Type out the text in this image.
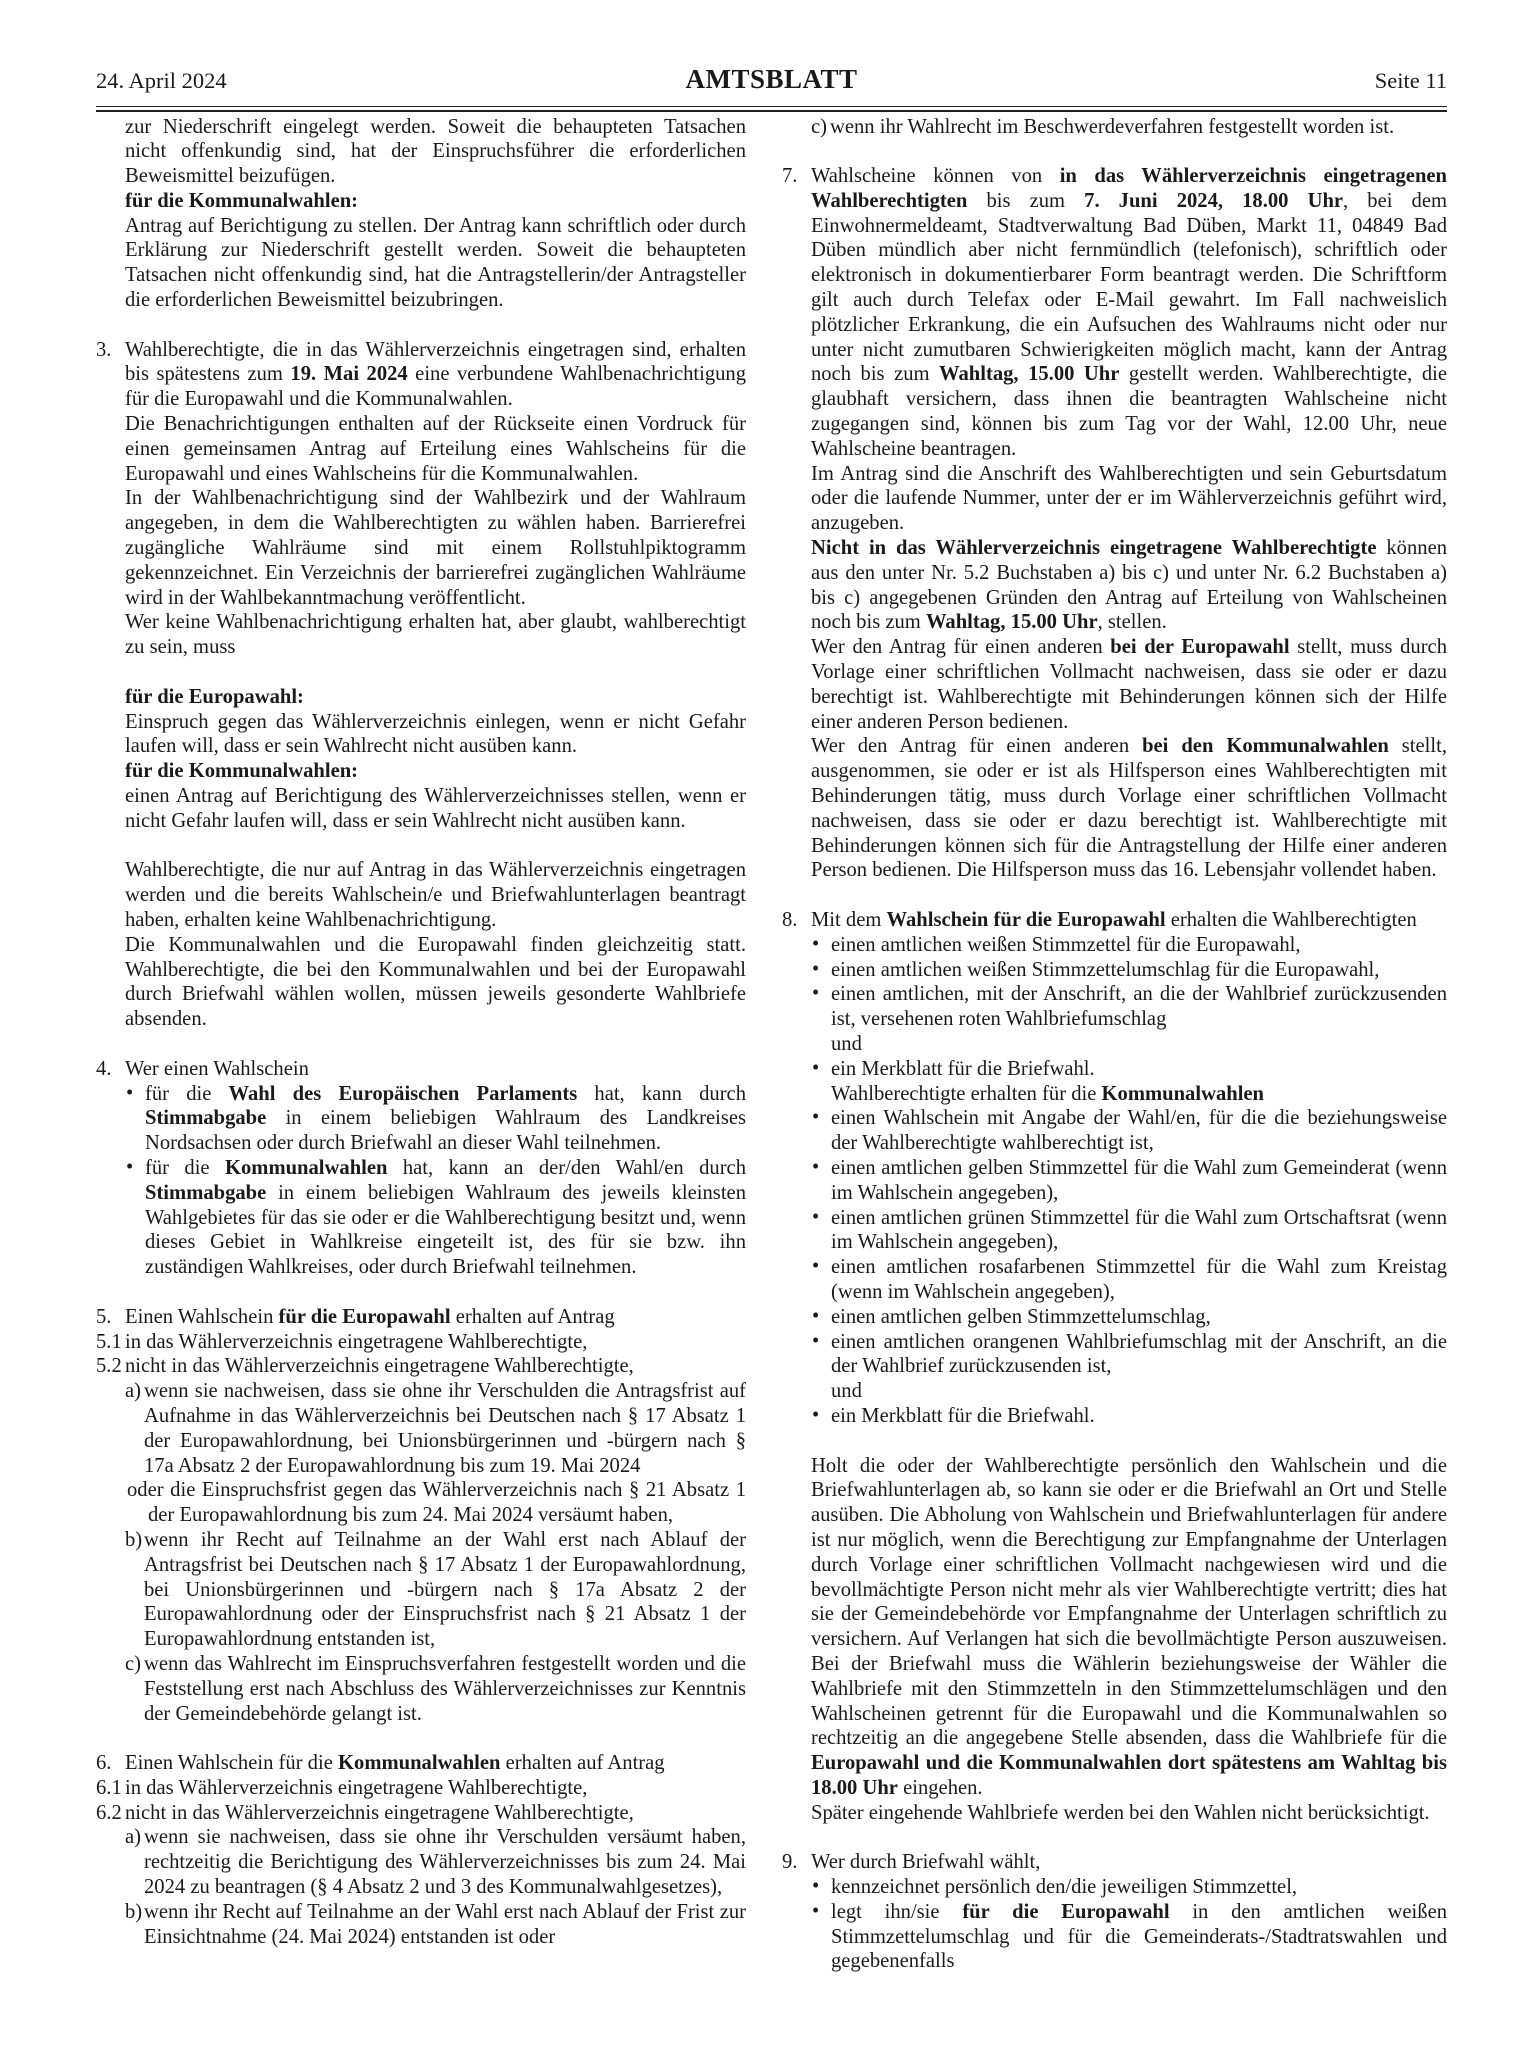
24. April 2024	AMTSBLATT	Seite 11
zur Niederschrift eingelegt werden. Soweit die behaupteten Tatsachen nicht offenkundig sind, hat der Einspruchsführer die erforderlichen Beweismittel beizufügen.
für die Kommunalwahlen:
Antrag auf Berichtigung zu stellen. Der Antrag kann schriftlich oder durch Erklärung zur Niederschrift gestellt werden. Soweit die behaupteten Tatsachen nicht offenkundig sind, hat die Antragstellerin/der Antragsteller die erforderlichen Beweismittel beizubringen.
3. Wahlberechtigte, die in das Wählerverzeichnis eingetragen sind, erhalten bis spätestens zum 19. Mai 2024 eine verbundene Wahlbenachrichtigung für die Europawahl und die Kommunalwahlen.
Die Benachrichtigungen enthalten auf der Rückseite einen Vordruck für einen gemeinsamen Antrag auf Erteilung eines Wahlscheins für die Europawahl und eines Wahlscheins für die Kommunalwahlen.
In der Wahlbenachrichtigung sind der Wahlbezirk und der Wahlraum angegeben, in dem die Wahlberechtigten zu wählen haben. Barrierefrei zugängliche Wahlräume sind mit einem Rollstuhlpiktogramm gekennzeichnet. Ein Verzeichnis der barrierefrei zugänglichen Wahlräume wird in der Wahlbekanntmachung veröffentlicht.
Wer keine Wahlbenachrichtigung erhalten hat, aber glaubt, wahlberechtigt zu sein, muss
für die Europawahl:
Einspruch gegen das Wählerverzeichnis einlegen, wenn er nicht Gefahr laufen will, dass er sein Wahlrecht nicht ausüben kann.
für die Kommunalwahlen:
einen Antrag auf Berichtigung des Wählerverzeichnisses stellen, wenn er nicht Gefahr laufen will, dass er sein Wahlrecht nicht ausüben kann.
Wahlberechtigte, die nur auf Antrag in das Wählerverzeichnis eingetragen werden und die bereits Wahlschein/e und Briefwahlunterlagen beantragt haben, erhalten keine Wahlbenachrichtigung.
Die Kommunalwahlen und die Europawahl finden gleichzeitig statt. Wahlberechtigte, die bei den Kommunalwahlen und bei der Europawahl durch Briefwahl wählen wollen, müssen jeweils gesonderte Wahlbriefe absenden.
4. Wer einen Wahlschein
• für die Wahl des Europäischen Parlaments hat, kann durch Stimmabgabe in einem beliebigen Wahlraum des Landkreises Nordsachsen oder durch Briefwahl an dieser Wahl teilnehmen.
• für die Kommunalwahlen hat, kann an der/den Wahl/en durch Stimmabgabe in einem beliebigen Wahlraum des jeweils kleinsten Wahlgebietes für das sie oder er die Wahlberechtigung besitzt und, wenn dieses Gebiet in Wahlkreise eingeteilt ist, des für sie bzw. ihn zuständigen Wahlkreises, oder durch Briefwahl teilnehmen.
5. Einen Wahlschein für die Europawahl erhalten auf Antrag
5.1 in das Wählerverzeichnis eingetragene Wahlberechtigte,
5.2 nicht in das Wählerverzeichnis eingetragene Wahlberechtigte,
a) wenn sie nachweisen, dass sie ohne ihr Verschulden die Antragsfrist auf Aufnahme in das Wählerverzeichnis bei Deutschen nach § 17 Absatz 1 der Europawahlordnung, bei Unionsbürgerinnen und -bürgern nach § 17a Absatz 2 der Europawahlordnung bis zum 19. Mai 2024
oder die Einspruchsfrist gegen das Wählerverzeichnis nach § 21 Absatz 1 der Europawahlordnung bis zum 24. Mai 2024 versäumt haben,
b) wenn ihr Recht auf Teilnahme an der Wahl erst nach Ablauf der Antragsfrist bei Deutschen nach § 17 Absatz 1 der Europawahlordnung, bei Unionsbürgerinnen und -bürgern nach § 17a Absatz 2 der Europawahlordnung oder der Einspruchsfrist nach § 21 Absatz 1 der Europawahlordnung entstanden ist,
c) wenn das Wahlrecht im Einspruchsverfahren festgestellt worden und die Feststellung erst nach Abschluss des Wählerverzeichnisses zur Kenntnis der Gemeindebehörde gelangt ist.
6. Einen Wahlschein für die Kommunalwahlen erhalten auf Antrag
6.1 in das Wählerverzeichnis eingetragene Wahlberechtigte,
6.2 nicht in das Wählerverzeichnis eingetragene Wahlberechtigte,
a) wenn sie nachweisen, dass sie ohne ihr Verschulden versäumt haben, rechtzeitig die Berichtigung des Wählerverzeichnisses bis zum 24. Mai 2024 zu beantragen (§ 4 Absatz 2 und 3 des Kommunalwahlgesetzes),
b) wenn ihr Recht auf Teilnahme an der Wahl erst nach Ablauf der Frist zur Einsichtnahme (24. Mai 2024) entstanden ist oder
c) wenn ihr Wahlrecht im Beschwerdeverfahren festgestellt worden ist.
7. Wahlscheine können von in das Wählerverzeichnis eingetragenen Wahlberechtigten bis zum 7. Juni 2024, 18.00 Uhr, bei dem Einwohnermeldeamt, Stadtverwaltung Bad Düben, Markt 11, 04849 Bad Düben mündlich aber nicht fernmündlich (telefonisch), schriftlich oder elektronisch in dokumentierbarer Form beantragt werden. Die Schriftform gilt auch durch Telefax oder E-Mail gewahrt. Im Fall nachweislich plötzlicher Erkrankung, die ein Aufsuchen des Wahlraums nicht oder nur unter nicht zumutbaren Schwierigkeiten möglich macht, kann der Antrag noch bis zum Wahltag, 15.00 Uhr gestellt werden. Wahlberechtigte, die glaubhaft versichern, dass ihnen die beantragten Wahlscheine nicht zugegangen sind, können bis zum Tag vor der Wahl, 12.00 Uhr, neue Wahlscheine beantragen.
Im Antrag sind die Anschrift des Wahlberechtigten und sein Geburtsdatum oder die laufende Nummer, unter der er im Wählerverzeichnis geführt wird, anzugeben.
Nicht in das Wählerverzeichnis eingetragene Wahlberechtigte können aus den unter Nr. 5.2 Buchstaben a) bis c) und unter Nr. 6.2 Buchstaben a) bis c) angegebenen Gründen den Antrag auf Erteilung von Wahlscheinen noch bis zum Wahltag, 15.00 Uhr, stellen.
Wer den Antrag für einen anderen bei der Europawahl stellt, muss durch Vorlage einer schriftlichen Vollmacht nachweisen, dass sie oder er dazu berechtigt ist. Wahlberechtigte mit Behinderungen können sich der Hilfe einer anderen Person bedienen.
Wer den Antrag für einen anderen bei den Kommunalwahlen stellt, ausgenommen, sie oder er ist als Hilfsperson eines Wahlberechtigten mit Behinderungen tätig, muss durch Vorlage einer schriftlichen Vollmacht nachweisen, dass sie oder er dazu berechtigt ist. Wahlberechtigte mit Behinderungen können sich für die Antragstellung der Hilfe einer anderen Person bedienen. Die Hilfsperson muss das 16. Lebensjahr vollendet haben.
8. Mit dem Wahlschein für die Europawahl erhalten die Wahlberechtigten
• einen amtlichen weißen Stimmzettel für die Europawahl,
• einen amtlichen weißen Stimmzettelumschlag für die Europawahl,
• einen amtlichen, mit der Anschrift, an die der Wahlbrief zurückzusenden ist, versehenen roten Wahlbriefumschlag
und
• ein Merkblatt für die Briefwahl.
Wahlberechtigte erhalten für die Kommunalwahlen
• einen Wahlschein mit Angabe der Wahl/en, für die die beziehungsweise der Wahlberechtigte wahlberechtigt ist,
• einen amtlichen gelben Stimmzettel für die Wahl zum Gemeinderat (wenn im Wahlschein angegeben),
• einen amtlichen grünen Stimmzettel für die Wahl zum Ortschaftsrat (wenn im Wahlschein angegeben),
• einen amtlichen rosafarbenen Stimmzettel für die Wahl zum Kreistag (wenn im Wahlschein angegeben),
• einen amtlichen gelben Stimmzettelumschlag,
• einen amtlichen orangenen Wahlbriefumschlag mit der Anschrift, an die der Wahlbrief zurückzusenden ist,
und
• ein Merkblatt für die Briefwahl.
Holt die oder der Wahlberechtigte persönlich den Wahlschein und die Briefwahlunterlagen ab, so kann sie oder er die Briefwahl an Ort und Stelle ausüben. Die Abholung von Wahlschein und Briefwahlunterlagen für andere ist nur möglich, wenn die Berechtigung zur Empfangnahme der Unterlagen durch Vorlage einer schriftlichen Vollmacht nachgewiesen wird und die bevollmächtigte Person nicht mehr als vier Wahlberechtigte vertritt; dies hat sie der Gemeindebehörde vor Empfangnahme der Unterlagen schriftlich zu versichern. Auf Verlangen hat sich die bevollmächtigte Person auszuweisen. Bei der Briefwahl muss die Wählerin beziehungsweise der Wähler die Wahlbriefe mit den Stimmzetteln in den Stimmzettelumschlägen und den Wahlscheinen getrennt für die Europawahl und die Kommunalwahlen so rechtzeitig an die angegebene Stelle absenden, dass die Wahlbriefe für die Europawahl und die Kommunalwahlen dort spätestens am Wahltag bis 18.00 Uhr eingehen.
Später eingehende Wahlbriefe werden bei den Wahlen nicht berücksichtigt.
9. Wer durch Briefwahl wählt,
• kennzeichnet persönlich den/die jeweiligen Stimmzettel,
• legt ihn/sie für die Europawahl in den amtlichen weißen Stimmzettelumschlag und für die Gemeinderats-/Stadtratswahlen und gegebenenfalls
